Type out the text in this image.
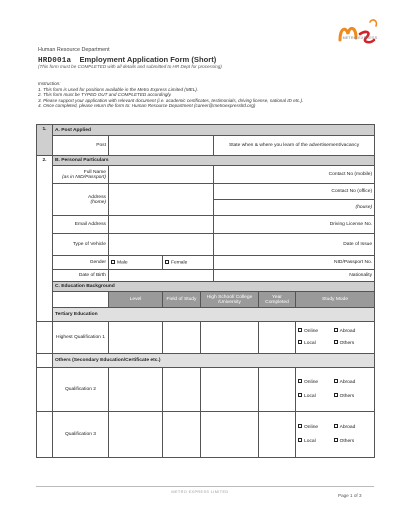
METRO EXPRESS
Human Resource Department
HRD001a Employment Application Form (Short)
(This form must be COMPLETED with all details and submitted to HR Dept for processing)
Instruction:
1. This form is used for positions available in the Metro Express Limited (MEL).
2. This form must be TYPED OUT and COMPLETED accordingly.
3. Please support your application with relevant document (i.e. academic certificates, testimonials, driving license, national ID etc.).
4. Once completed, please return the form to: Human Resource Department (career@metroexpressltd.org)
1.	A. Post Applied							
	Post				State when & where you learn of the advertisement/vacancy			
2.	B. Personal Particulars							
	Full Name
(as in NID/Passport)				Contact No (mobile)			
	Address
(home)				Contact No (office)			
					(house)			
	Email Address				Driving License No.			
	Type of Vehicle				Date of Issue			
	Gender	Male	Female		NID/Passport No.			
	Date of Birth				Nationality			
	C. Education Background							
		Level	Field of Study	High School/ College /University		Year Completed	Study Mode	
	Tertiary Education							
	Highest Qualification 1						Online Abroad Local Others	

	Others (Secondary Education/Certificate etc.)							
	Qualification 2						Online Abroad Local Others	

	Qualification 3						Online Abroad Local Others	
METRO EXPRESS LIMITED
Page 1 of 3
